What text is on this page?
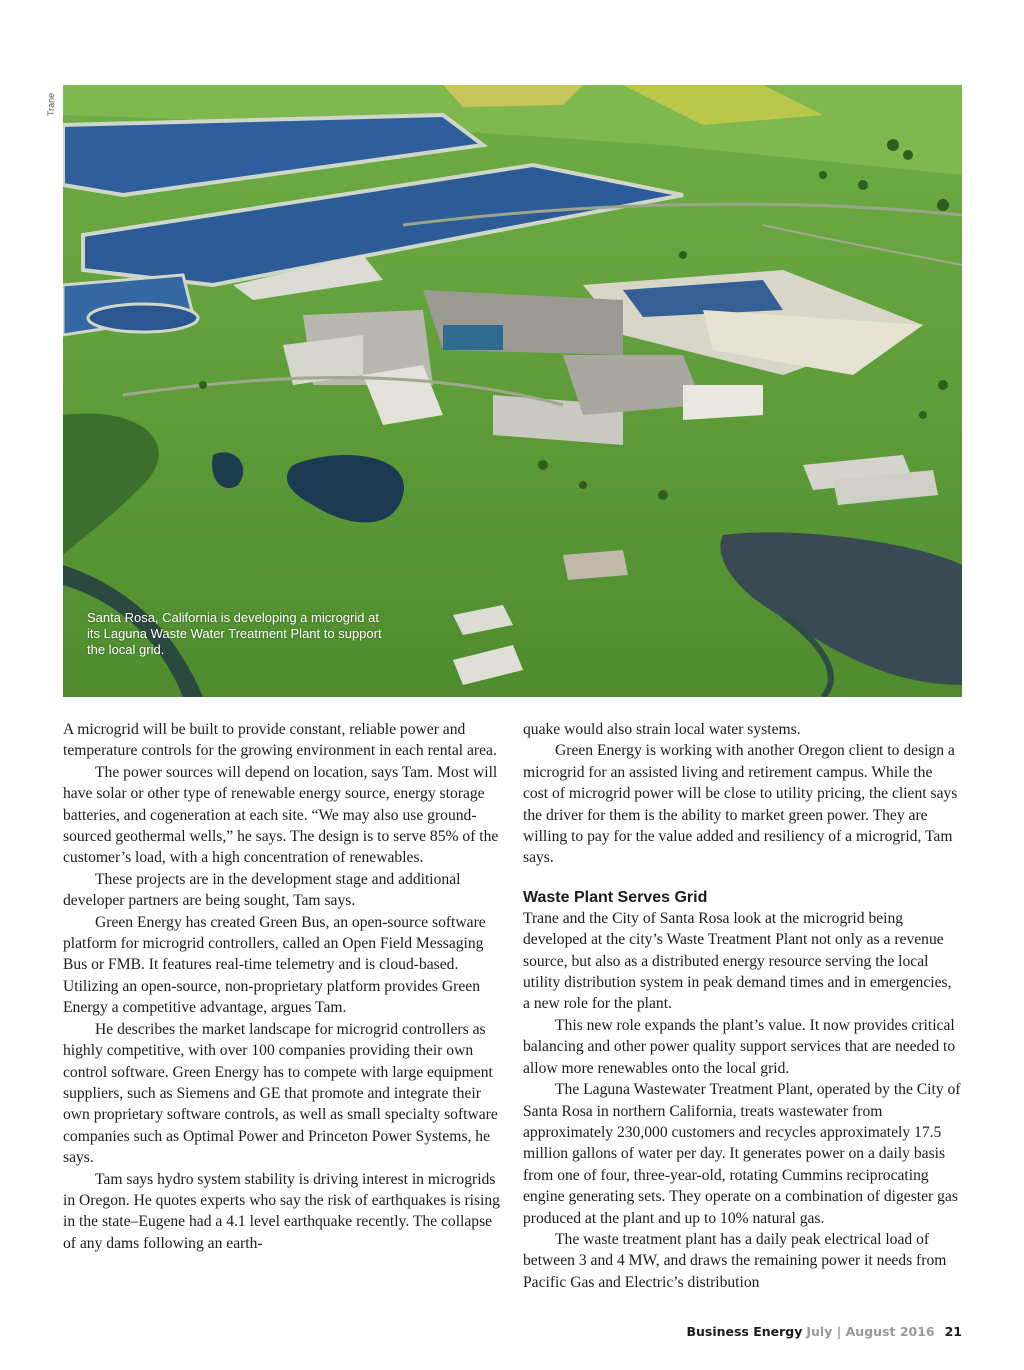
Trane
Santa Rosa, California is developing a microgrid at its Laguna Waste Water Treatment Plant to support the local grid.

A microgrid will be built to provide constant, reliable power and temperature controls for the growing environment in each rental area.

The power sources will depend on location, says Tam. Most will have solar or other type of renewable energy source, energy storage batteries, and cogeneration at each site. “We may also use ground-sourced geothermal wells,” he says. The design is to serve 85% of the customer’s load, with a high concentration of renewables.

These projects are in the development stage and additional developer partners are being sought, Tam says.

Green Energy has created Green Bus, an open-source software platform for microgrid controllers, called an Open Field Messaging Bus or FMB. It features real-time telemetry and is cloud-based. Utilizing an open-source, non-proprietary platform provides Green Energy a competitive advantage, argues Tam.

He describes the market landscape for microgrid controllers as highly competitive, with over 100 companies providing their own control software. Green Energy has to compete with large equipment suppliers, such as Siemens and GE that promote and integrate their own proprietary software controls, as well as small specialty software companies such as Optimal Power and Princeton Power Systems, he says.

Tam says hydro system stability is driving interest in microgrids in Oregon. He quotes experts who say the risk of earthquakes is rising in the state–Eugene had a 4.1 level earthquake recently. The collapse of any dams following an earth-

quake would also strain local water systems.

Green Energy is working with another Oregon client to design a microgrid for an assisted living and retirement campus. While the cost of microgrid power will be close to utility pricing, the client says the driver for them is the ability to market green power. They are willing to pay for the value added and resiliency of a microgrid, Tam says.

Waste Plant Serves Grid

Trane and the City of Santa Rosa look at the microgrid being developed at the city’s Waste Treatment Plant not only as a revenue source, but also as a distributed energy resource serving the local utility distribution system in peak demand times and in emergencies, a new role for the plant.

This new role expands the plant’s value. It now provides critical balancing and other power quality support services that are needed to allow more renewables onto the local grid.

The Laguna Wastewater Treatment Plant, operated by the City of Santa Rosa in northern California, treats wastewater from approximately 230,000 customers and recycles approximately 17.5 million gallons of water per day. It generates power on a daily basis from one of four, three-year-old, rotating Cummins reciprocating engine generating sets. They operate on a combination of digester gas produced at the plant and up to 10% natural gas.

The waste treatment plant has a daily peak electrical load of between 3 and 4 MW, and draws the remaining power it needs from Pacific Gas and Electric’s distribution

Business Energy July | August 2016 21
